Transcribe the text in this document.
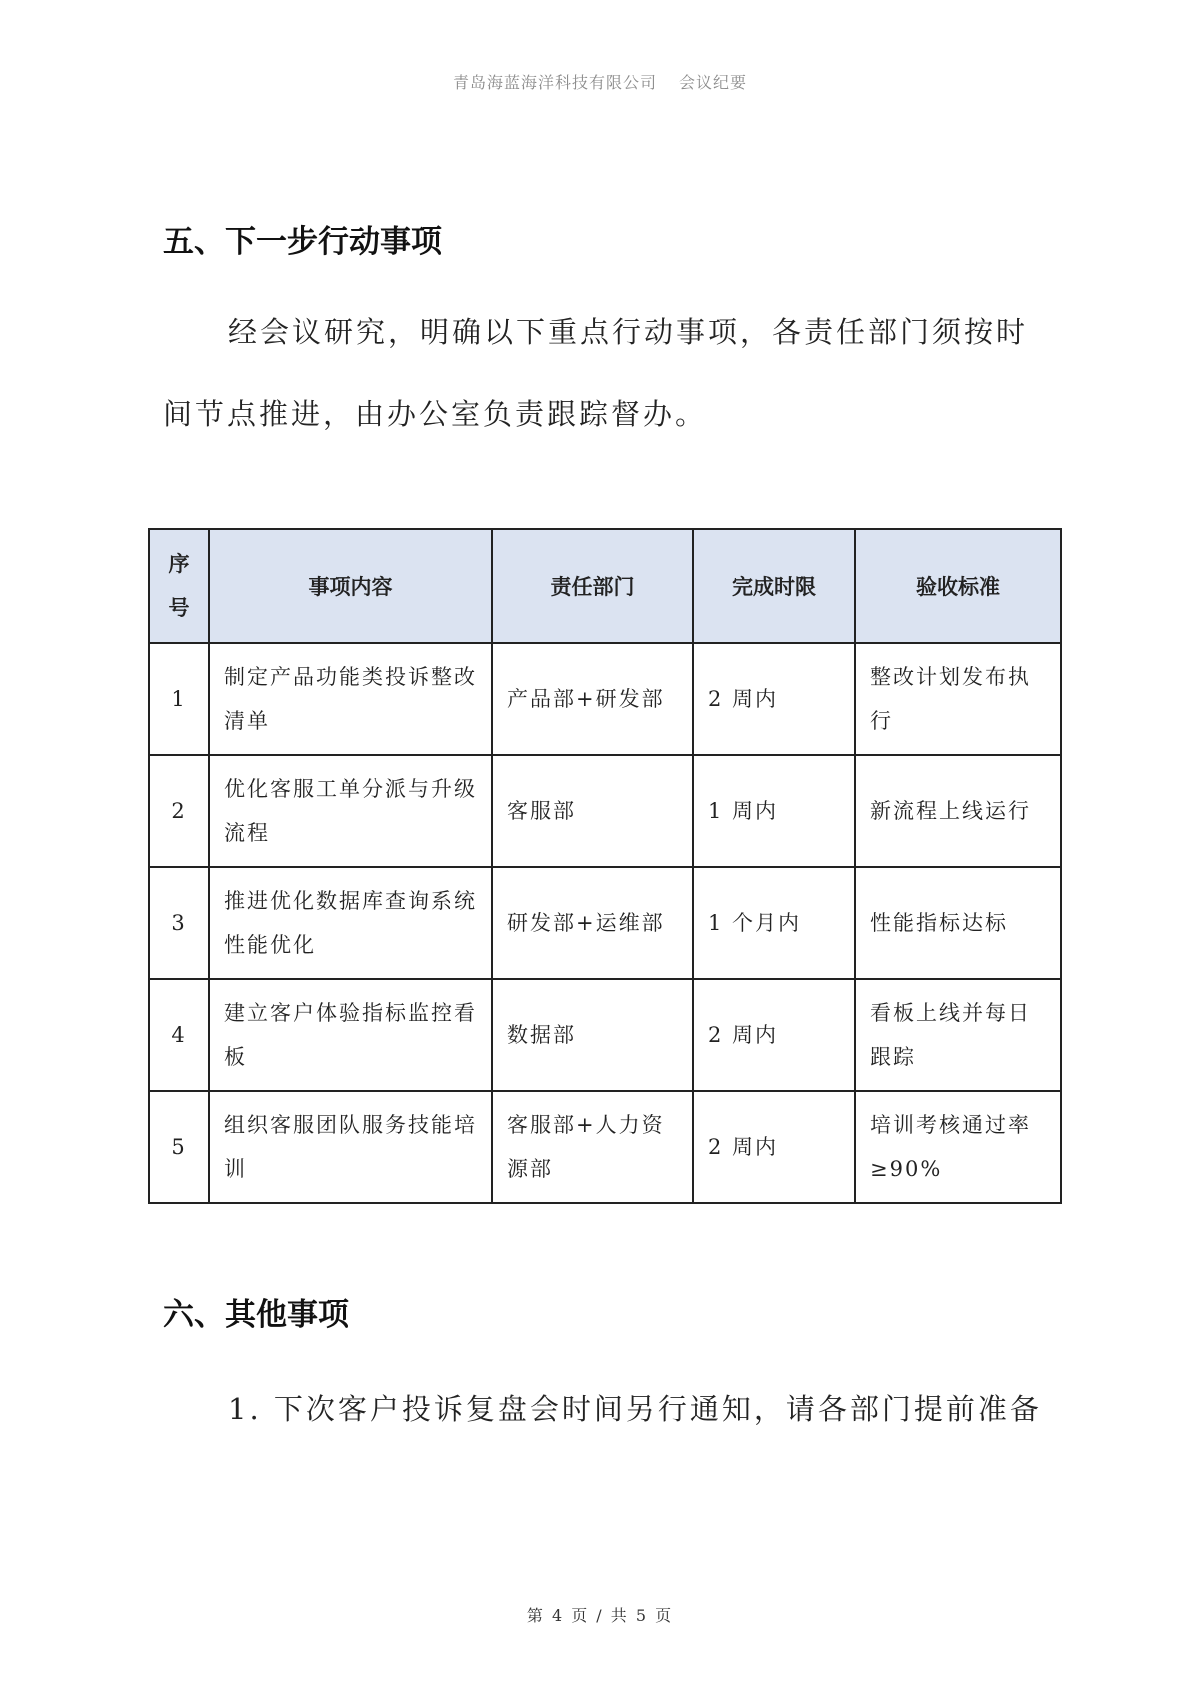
青岛海蓝海洋科技有限公司 会议纪要
五、下一步行动事项
经会议研究，明确以下重点行动事项，各责任部门须按时
间节点推进，由办公室负责跟踪督办。
序
号	事项内容	责任部门	完成时限	验收标准
1	制定产品功能类投诉整改清单	产品部+研发部	2 周内	整改计划发布执行
2	优化客服工单分派与升级流程	客服部	1 周内	新流程上线运行
3	推进优化数据库查询系统性能优化	研发部+运维部	1 个月内	性能指标达标
4	建立客户体验指标监控看板	数据部	2 周内	看板上线并每日跟踪
5	组织客服团队服务技能培训	客服部+人力资源部	2 周内	培训考核通过率≥90%
六、其他事项
1. 下次客户投诉复盘会时间另行通知，请各部门提前准备
第 4 页 / 共 5 页
